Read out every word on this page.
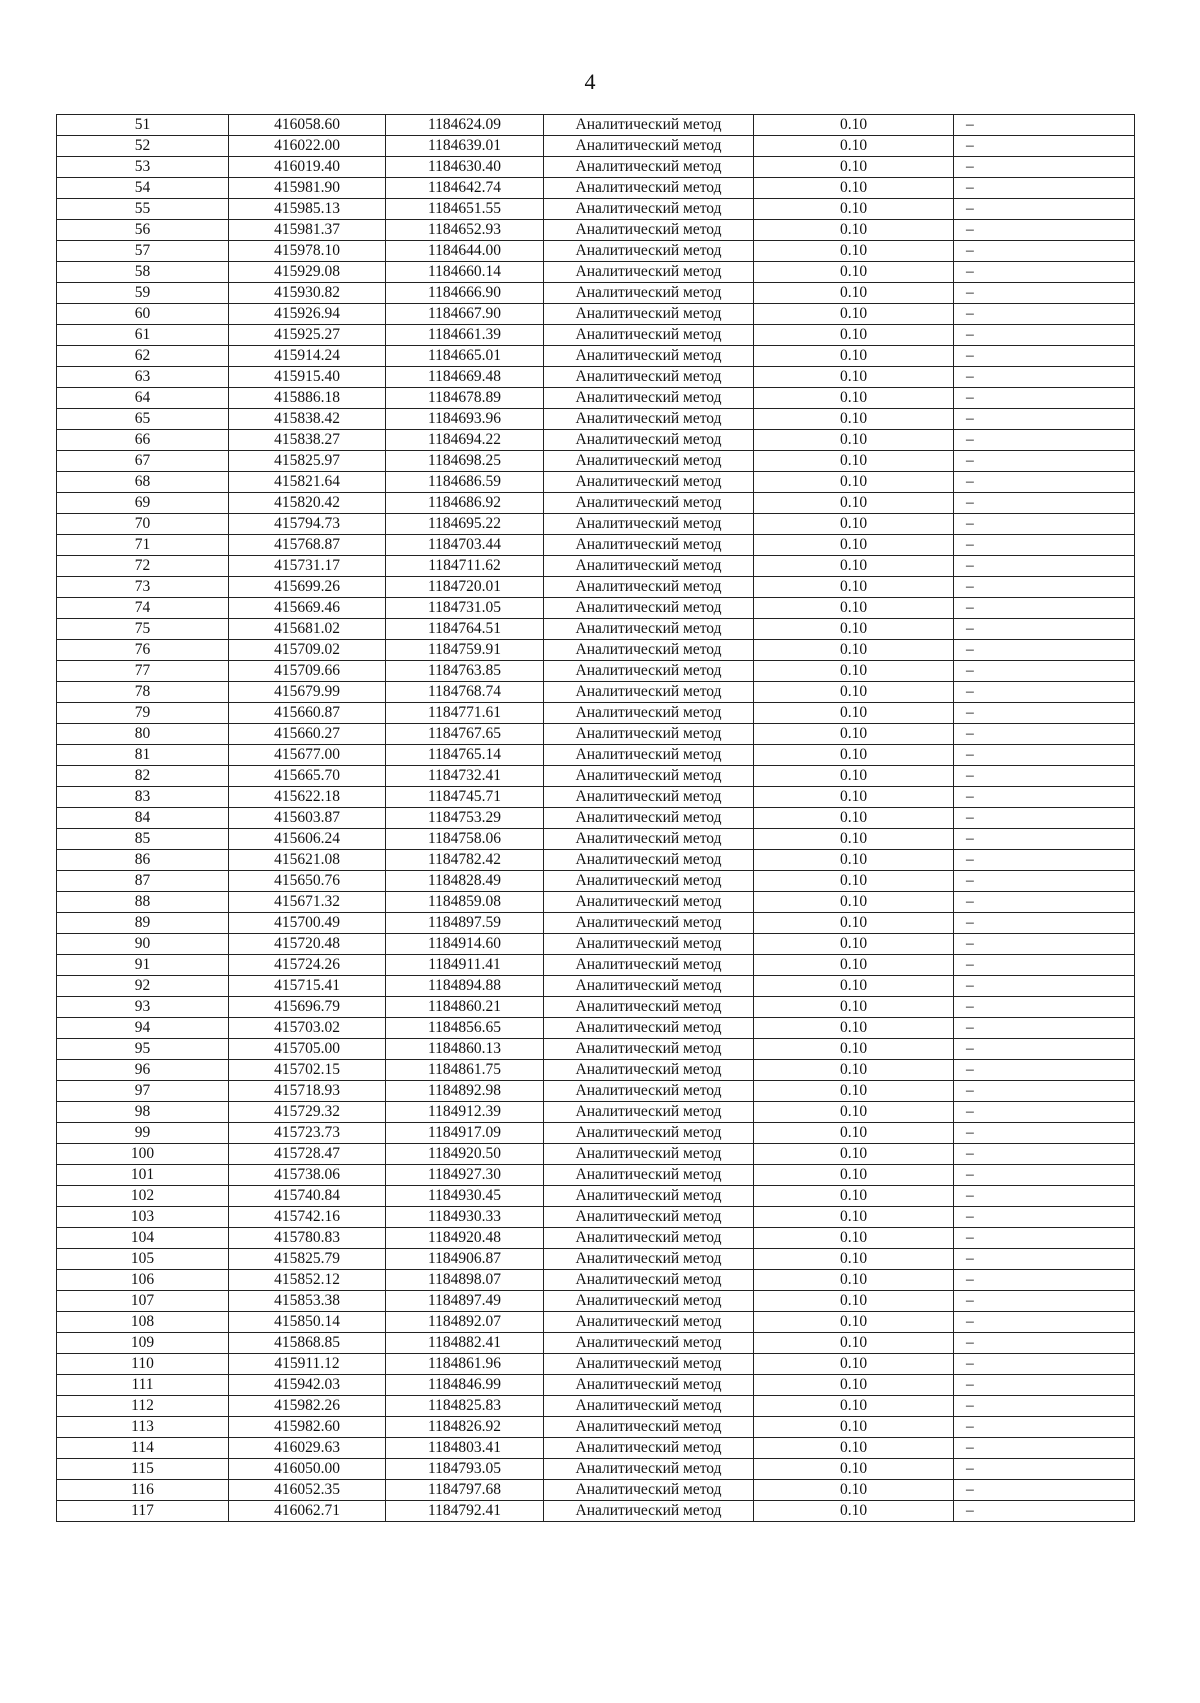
4
51	416058.60	1184624.09	Аналитический метод	0.10	–
52	416022.00	1184639.01	Аналитический метод	0.10	–
53	416019.40	1184630.40	Аналитический метод	0.10	–
54	415981.90	1184642.74	Аналитический метод	0.10	–
55	415985.13	1184651.55	Аналитический метод	0.10	–
56	415981.37	1184652.93	Аналитический метод	0.10	–
57	415978.10	1184644.00	Аналитический метод	0.10	–
58	415929.08	1184660.14	Аналитический метод	0.10	–
59	415930.82	1184666.90	Аналитический метод	0.10	–
60	415926.94	1184667.90	Аналитический метод	0.10	–
61	415925.27	1184661.39	Аналитический метод	0.10	–
62	415914.24	1184665.01	Аналитический метод	0.10	–
63	415915.40	1184669.48	Аналитический метод	0.10	–
64	415886.18	1184678.89	Аналитический метод	0.10	–
65	415838.42	1184693.96	Аналитический метод	0.10	–
66	415838.27	1184694.22	Аналитический метод	0.10	–
67	415825.97	1184698.25	Аналитический метод	0.10	–
68	415821.64	1184686.59	Аналитический метод	0.10	–
69	415820.42	1184686.92	Аналитический метод	0.10	–
70	415794.73	1184695.22	Аналитический метод	0.10	–
71	415768.87	1184703.44	Аналитический метод	0.10	–
72	415731.17	1184711.62	Аналитический метод	0.10	–
73	415699.26	1184720.01	Аналитический метод	0.10	–
74	415669.46	1184731.05	Аналитический метод	0.10	–
75	415681.02	1184764.51	Аналитический метод	0.10	–
76	415709.02	1184759.91	Аналитический метод	0.10	–
77	415709.66	1184763.85	Аналитический метод	0.10	–
78	415679.99	1184768.74	Аналитический метод	0.10	–
79	415660.87	1184771.61	Аналитический метод	0.10	–
80	415660.27	1184767.65	Аналитический метод	0.10	–
81	415677.00	1184765.14	Аналитический метод	0.10	–
82	415665.70	1184732.41	Аналитический метод	0.10	–
83	415622.18	1184745.71	Аналитический метод	0.10	–
84	415603.87	1184753.29	Аналитический метод	0.10	–
85	415606.24	1184758.06	Аналитический метод	0.10	–
86	415621.08	1184782.42	Аналитический метод	0.10	–
87	415650.76	1184828.49	Аналитический метод	0.10	–
88	415671.32	1184859.08	Аналитический метод	0.10	–
89	415700.49	1184897.59	Аналитический метод	0.10	–
90	415720.48	1184914.60	Аналитический метод	0.10	–
91	415724.26	1184911.41	Аналитический метод	0.10	–
92	415715.41	1184894.88	Аналитический метод	0.10	–
93	415696.79	1184860.21	Аналитический метод	0.10	–
94	415703.02	1184856.65	Аналитический метод	0.10	–
95	415705.00	1184860.13	Аналитический метод	0.10	–
96	415702.15	1184861.75	Аналитический метод	0.10	–
97	415718.93	1184892.98	Аналитический метод	0.10	–
98	415729.32	1184912.39	Аналитический метод	0.10	–
99	415723.73	1184917.09	Аналитический метод	0.10	–
100	415728.47	1184920.50	Аналитический метод	0.10	–
101	415738.06	1184927.30	Аналитический метод	0.10	–
102	415740.84	1184930.45	Аналитический метод	0.10	–
103	415742.16	1184930.33	Аналитический метод	0.10	–
104	415780.83	1184920.48	Аналитический метод	0.10	–
105	415825.79	1184906.87	Аналитический метод	0.10	–
106	415852.12	1184898.07	Аналитический метод	0.10	–
107	415853.38	1184897.49	Аналитический метод	0.10	–
108	415850.14	1184892.07	Аналитический метод	0.10	–
109	415868.85	1184882.41	Аналитический метод	0.10	–
110	415911.12	1184861.96	Аналитический метод	0.10	–
111	415942.03	1184846.99	Аналитический метод	0.10	–
112	415982.26	1184825.83	Аналитический метод	0.10	–
113	415982.60	1184826.92	Аналитический метод	0.10	–
114	416029.63	1184803.41	Аналитический метод	0.10	–
115	416050.00	1184793.05	Аналитический метод	0.10	–
116	416052.35	1184797.68	Аналитический метод	0.10	–
117	416062.71	1184792.41	Аналитический метод	0.10	–
